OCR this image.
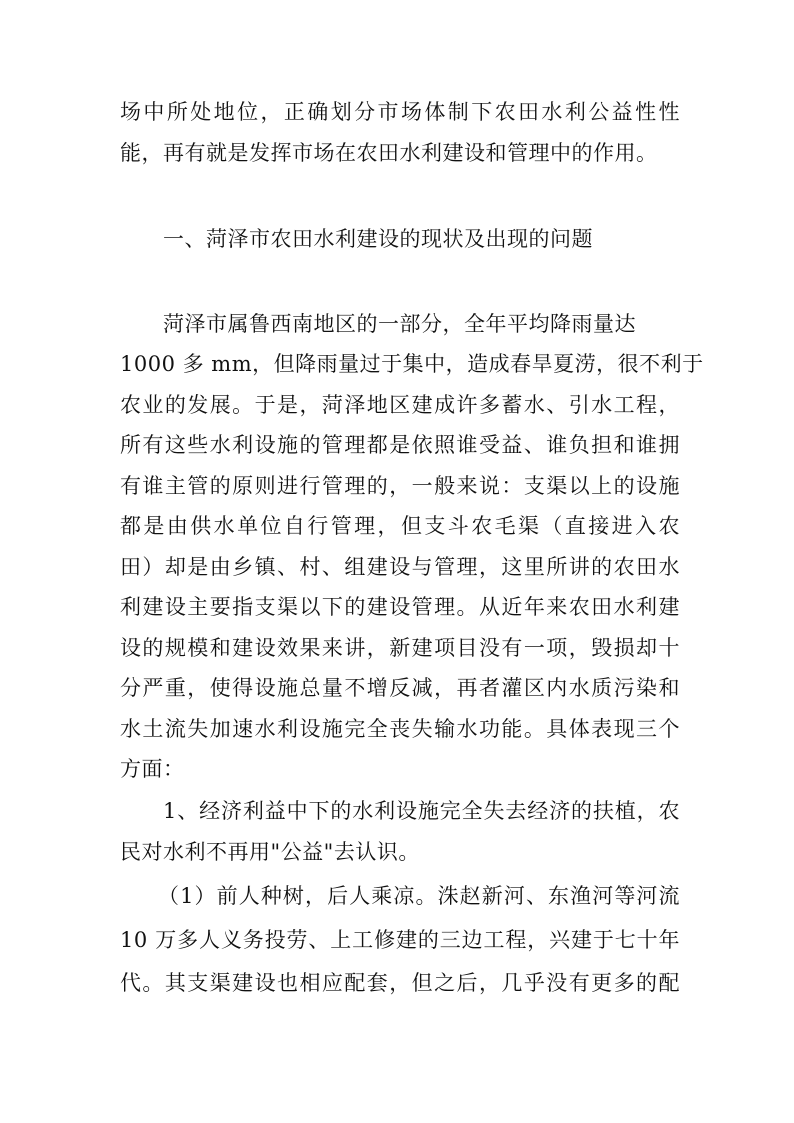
场中所处地位，正确划分市场体制下农田水利公益性性
能，再有就是发挥市场在农田水利建设和管理中的作用。
一、菏泽市农田水利建设的现状及出现的问题
菏泽市属鲁西南地区的一部分，全年平均降雨量达
1000 多 mm，但降雨量过于集中，造成春旱夏涝，很不利于
农业的发展。于是，菏泽地区建成许多蓄水、引水工程，
所有这些水利设施的管理都是依照谁受益、谁负担和谁拥
有谁主管的原则进行管理的，一般来说：支渠以上的设施
都是由供水单位自行管理，但支斗农毛渠（直接进入农
田）却是由乡镇、村、组建设与管理，这里所讲的农田水
利建设主要指支渠以下的建设管理。从近年来农田水利建
设的规模和建设效果来讲，新建项目没有一项，毁损却十
分严重，使得设施总量不增反减，再者灌区内水质污染和
水土流失加速水利设施完全丧失输水功能。具体表现三个
方面：
1、经济利益中下的水利设施完全失去经济的扶植，农
民对水利不再用"公益"去认识。
（1）前人种树，后人乘凉。洙赵新河、东渔河等河流
10 万多人义务投劳、上工修建的三边工程，兴建于七十年
代。其支渠建设也相应配套，但之后，几乎没有更多的配
